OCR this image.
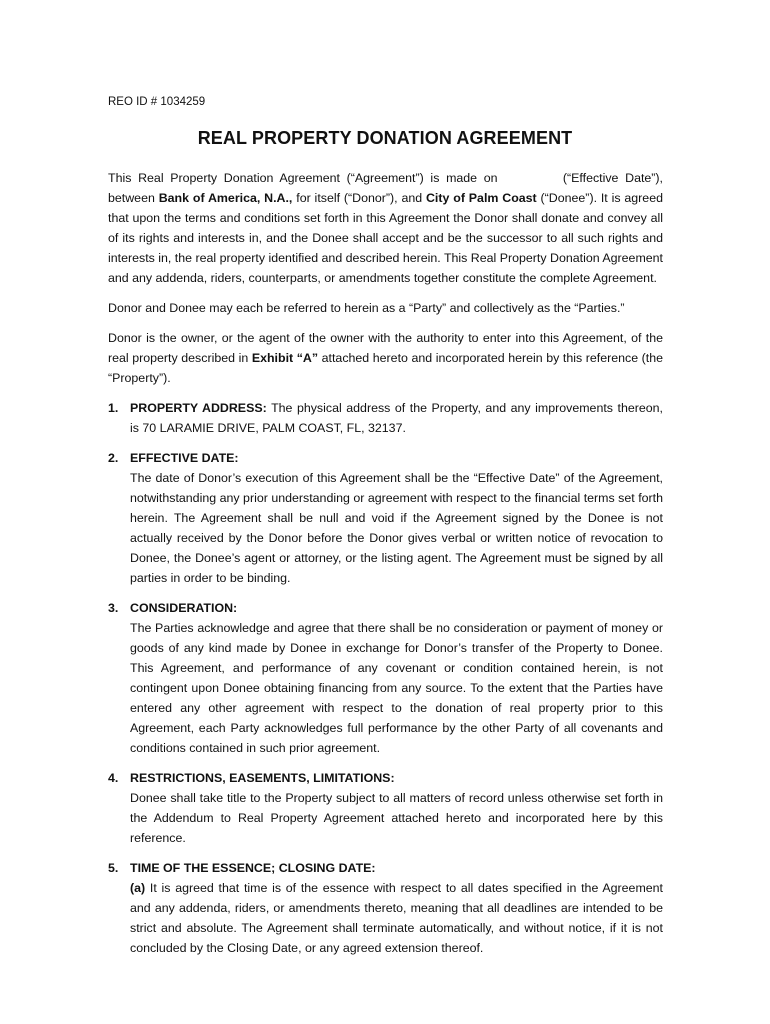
REO ID # 1034259
REAL PROPERTY DONATION AGREEMENT

This Real Property Donation Agreement (“Agreement”) is made on	(“Effective Date”), between Bank of America, N.A., for itself (“Donor”), and City of Palm Coast (“Donee”). It is agreed that upon the terms and conditions set forth in this Agreement the Donor shall donate and convey all of its rights and interests in, and the Donee shall accept and be the successor to all such rights and interests in, the real property identified and described herein. This Real Property Donation Agreement and any addenda, riders, counterparts, or amendments together constitute the complete Agreement.

Donor and Donee may each be referred to herein as a “Party” and collectively as the “Parties.”

Donor is the owner, or the agent of the owner with the authority to enter into this Agreement, of the real property described in Exhibit “A” attached hereto and incorporated herein by this reference (the “Property”).

1. PROPERTY ADDRESS: The physical address of the Property, and any improvements thereon, is 70 LARAMIE DRIVE, PALM COAST, FL, 32137.
2. EFFECTIVE DATE:
The date of Donor’s execution of this Agreement shall be the “Effective Date” of the Agreement, notwithstanding any prior understanding or agreement with respect to the financial terms set forth herein. The Agreement shall be null and void if the Agreement signed by the Donee is not actually received by the Donor before the Donor gives verbal or written notice of revocation to Donee, the Donee’s agent or attorney, or the listing agent. The Agreement must be signed by all parties in order to be binding.
3. CONSIDERATION:
The Parties acknowledge and agree that there shall be no consideration or payment of money or goods of any kind made by Donee in exchange for Donor’s transfer of the Property to Donee. This Agreement, and performance of any covenant or condition contained herein, is not contingent upon Donee obtaining financing from any source. To the extent that the Parties have entered any other agreement with respect to the donation of real property prior to this Agreement, each Party acknowledges full performance by the other Party of all covenants and conditions contained in such prior agreement.
4. RESTRICTIONS, EASEMENTS, LIMITATIONS:
Donee shall take title to the Property subject to all matters of record unless otherwise set forth in the Addendum to Real Property Agreement attached hereto and incorporated here by this reference.
5. TIME OF THE ESSENCE; CLOSING DATE:
(a) It is agreed that time is of the essence with respect to all dates specified in the Agreement and any addenda, riders, or amendments thereto, meaning that all deadlines are intended to be strict and absolute. The Agreement shall terminate automatically, and without notice, if it is not concluded by the Closing Date, or any agreed extension thereof.
